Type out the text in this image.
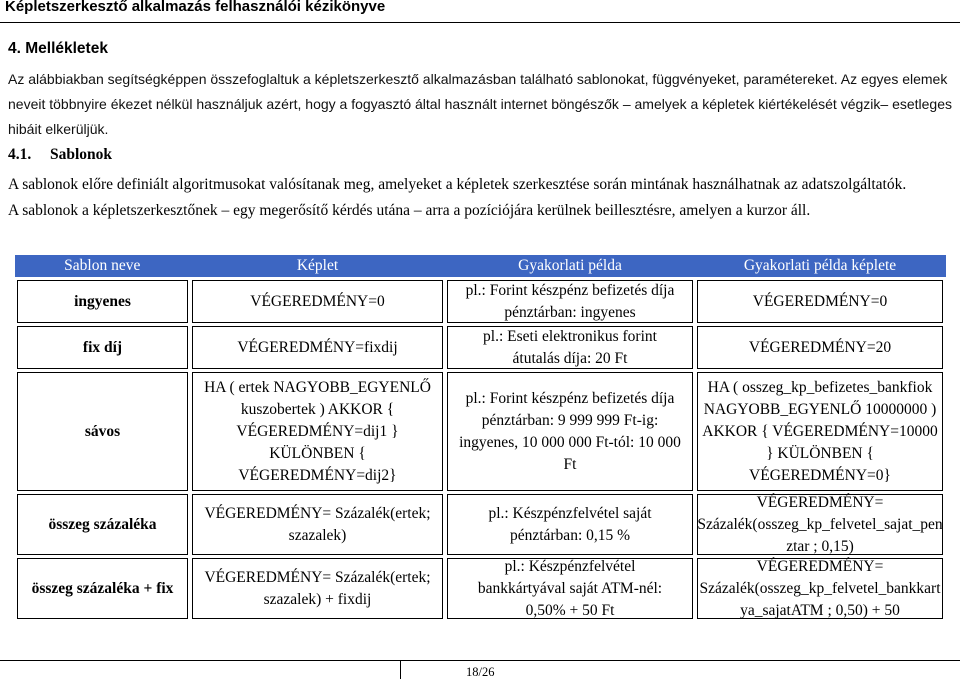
Képletszerkesztő alkalmazás felhasználói kézikönyve
4. Mellékletek
Az alábbiakban segítségképpen összefoglaltuk a képletszerkesztő alkalmazásban található sablonokat, függvényeket, paramétereket. Az egyes elemek neveit többnyire ékezet nélkül használjuk azért, hogy a fogyasztó által használt internet böngészők – amelyek a képletek kiértékelését végzik– esetleges hibáit elkerüljük.
4.1. Sablonok
A sablonok előre definiált algoritmusokat valósítanak meg, amelyeket a képletek szerkesztése során mintának használhatnak az adatszolgáltatók.
A sablonok a képletszerkesztőnek – egy megerősítő kérdés utána – arra a pozíciójára kerülnek beillesztésre, amelyen a kurzor áll.
Sablon neve	Képlet	Gyakorlati példa	Gyakorlati példa képlete

ingyenes	VÉGEREDMÉNY=0	pl.: Forint készpénz befizetés díja pénztárban: ingyenes	VÉGEREDMÉNY=0

fix díj	VÉGEREDMÉNY=fixdij	pl.: Eseti elektronikus forint átutalás díja: 20 Ft	VÉGEREDMÉNY=20

sávos	HA ( ertek NAGYOBB_EGYENLŐ kuszobertek ) AKKOR { VÉGEREDMÉNY=dij1 } KÜLÖNBEN { VÉGEREDMÉNY=dij2}	pl.: Forint készpénz befizetés díja pénztárban: 9 999 999 Ft-ig: ingyenes, 10 000 000 Ft-tól: 10 000 Ft	HA ( osszeg_kp_befizetes_bankfiok NAGYOBB_EGYENLŐ 10000000 ) AKKOR { VÉGEREDMÉNY=10000 } KÜLÖNBEN { VÉGEREDMÉNY=0}

összeg százaléka	VÉGEREDMÉNY= Százalék(ertek; szazalek)	pl.: Készpénzfelvétel saját pénztárban: 0,15 %	VÉGEREDMÉNY= Százalék(osszeg_kp_felvetel_sajat_pen ztar ; 0,15)

összeg százaléka + fix	VÉGEREDMÉNY= Százalék(ertek; szazalek) + fixdij	pl.: Készpénzfelvétel bankkártyával saját ATM-nél: 0,50% + 50 Ft	VÉGEREDMÉNY= Százalék(osszeg_kp_felvetel_bankkart ya_sajatATM ; 0,50) + 50
18/26
